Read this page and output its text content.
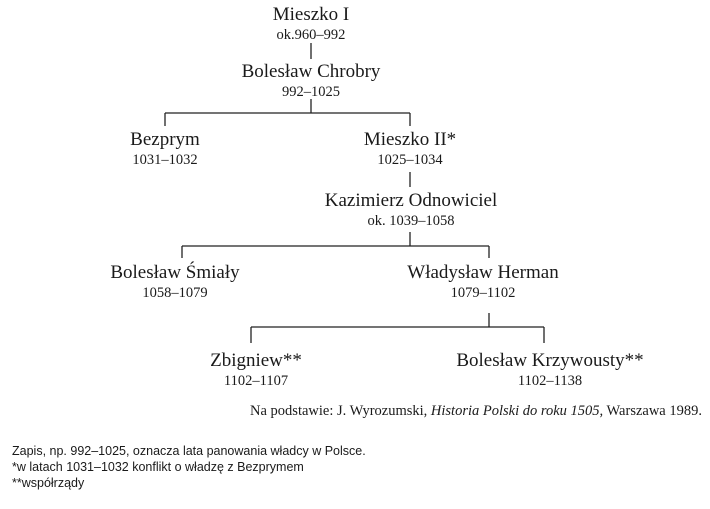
Mieszko I
ok.960–992
Bolesław Chrobry
992–1025
Bezprym
1031–1032
Mieszko II*
1025–1034
Kazimierz Odnowiciel
ok. 1039–1058
Bolesław Śmiały
1058–1079
Władysław Herman
1079–1102
Zbigniew**
1102–1107
Bolesław Krzywousty**
1102–1138
Na podstawie: J. Wyrozumski, Historia Polski do roku 1505, Warszawa 1989.
Zapis, np. 992–1025, oznacza lata panowania władcy w Polsce.
*w latach 1031–1032 konflikt o władzę z Bezprymem
**współrządy
